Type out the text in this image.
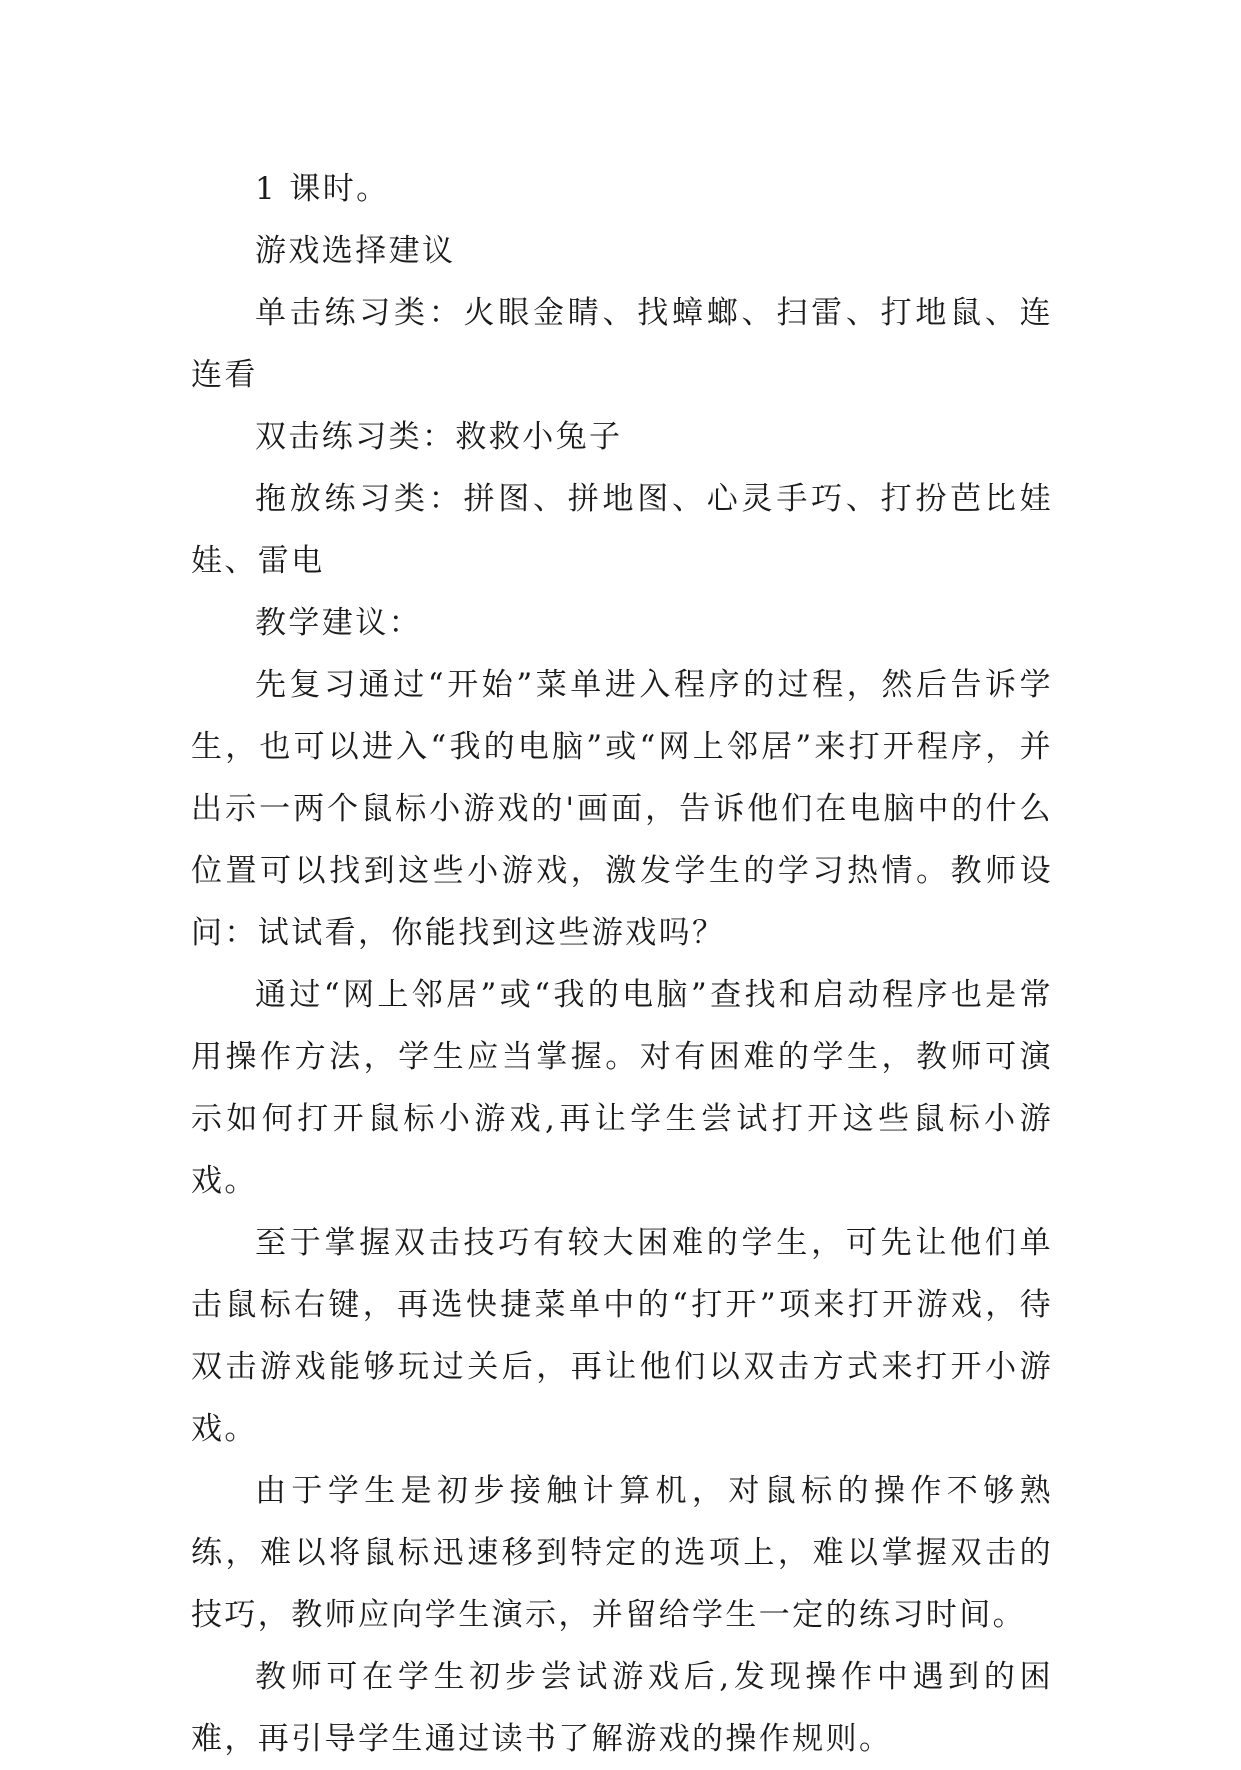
1 课时。

游戏选择建议

单击练习类：火眼金睛、找蟑螂、扫雷、打地鼠、连连看

双击练习类：救救小兔子

拖放练习类：拼图、拼地图、心灵手巧、打扮芭比娃娃、雷电

教学建议：

先复习通过“开始”菜单进入程序的过程，然后告诉学生，也可以进入“我的电脑”或“网上邻居”来打开程序，并出示一两个鼠标小游戏的'画面，告诉他们在电脑中的什么位置可以找到这些小游戏，激发学生的学习热情。教师设问：试试看，你能找到这些游戏吗？

通过“网上邻居”或“我的电脑”查找和启动程序也是常用操作方法，学生应当掌握。对有困难的学生，教师可演示如何打开鼠标小游戏,再让学生尝试打开这些鼠标小游戏。

至于掌握双击技巧有较大困难的学生，可先让他们单击鼠标右键，再选快捷菜单中的“打开”项来打开游戏，待双击游戏能够玩过关后，再让他们以双击方式来打开小游戏。

由于学生是初步接触计算机，对鼠标的操作不够熟练，难以将鼠标迅速移到特定的选项上，难以掌握双击的技巧，教师应向学生演示，并留给学生一定的练习时间。

教师可在学生初步尝试游戏后,发现操作中遇到的困难，再引导学生通过读书了解游戏的操作规则。
